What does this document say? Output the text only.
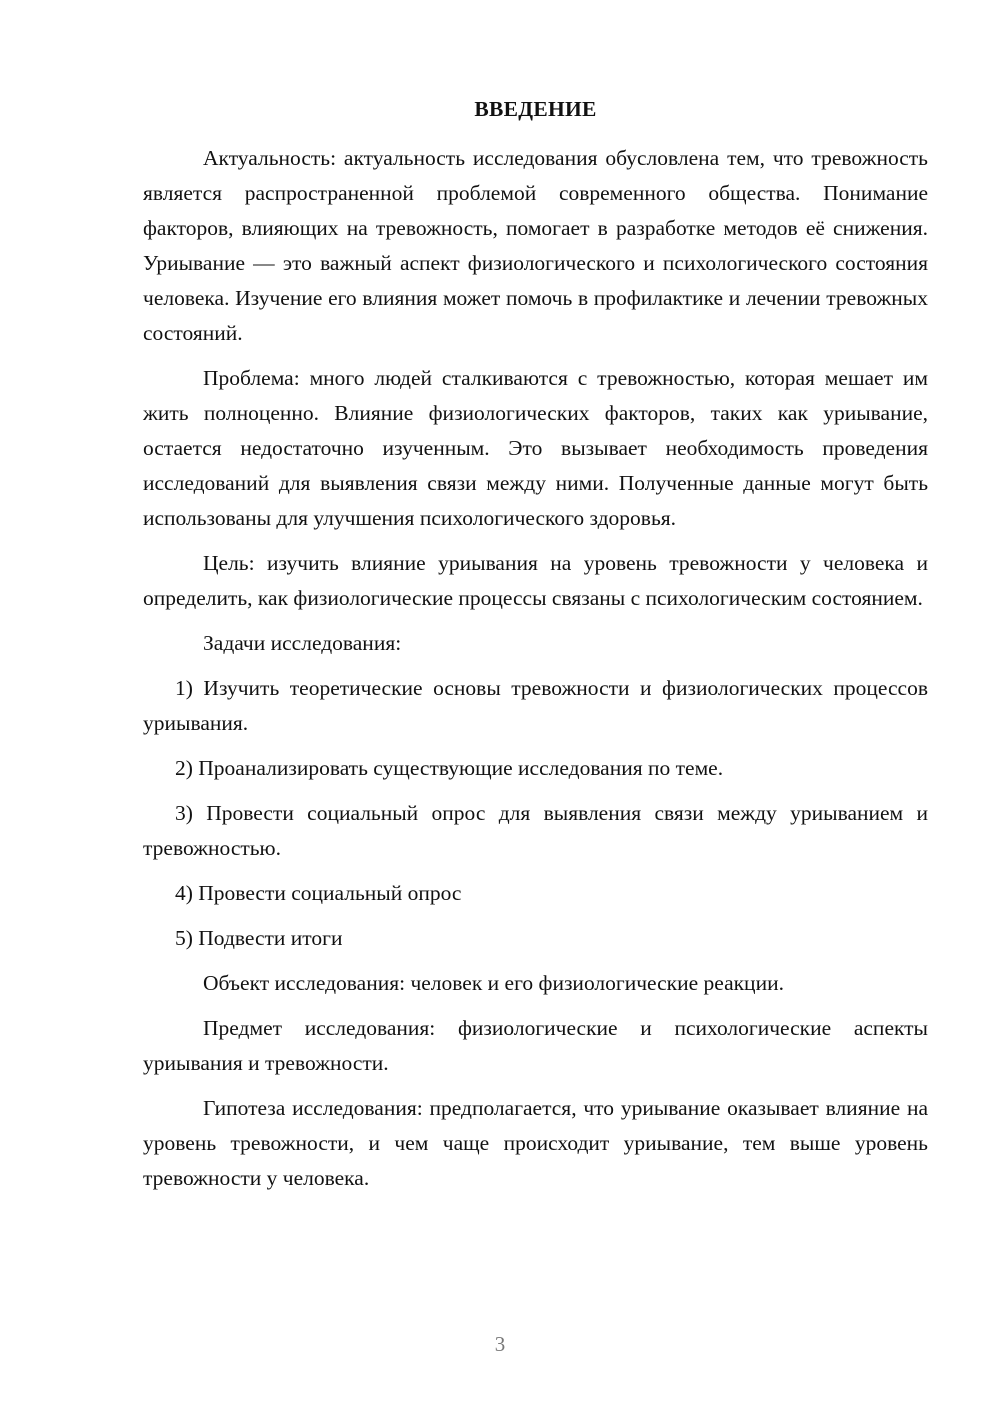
ВВЕДЕНИЕ

Актуальность: актуальность исследования обусловлена тем, что тревожность является распространенной проблемой современного общества. Понимание факторов, влияющих на тревожность, помогает в разработке методов её снижения. Уриывание — это важный аспект физиологического и психологического состояния человека. Изучение его влияния может помочь в профилактике и лечении тревожных состояний.

Проблема: много людей сталкиваются с тревожностью, которая мешает им жить полноценно. Влияние физиологических факторов, таких как уриывание, остается недостаточно изученным. Это вызывает необходимость проведения исследований для выявления связи между ними. Полученные данные могут быть использованы для улучшения психологического здоровья.

Цель: изучить влияние уриывания на уровень тревожности у человека и определить, как физиологические процессы связаны с психологическим состоянием.

Задачи исследования:

1) Изучить теоретические основы тревожности и физиологических процессов уриывания.

2) Проанализировать существующие исследования по теме.

3) Провести социальный опрос для выявления связи между уриыванием и тревожностью.

4) Провести социальный опрос

5) Подвести итоги

Объект исследования: человек и его физиологические реакции.

Предмет исследования: физиологические и психологические аспекты уриывания и тревожности.

Гипотеза исследования: предполагается, что уриывание оказывает влияние на уровень тревожности, и чем чаще происходит уриывание, тем выше уровень тревожности у человека.

3
